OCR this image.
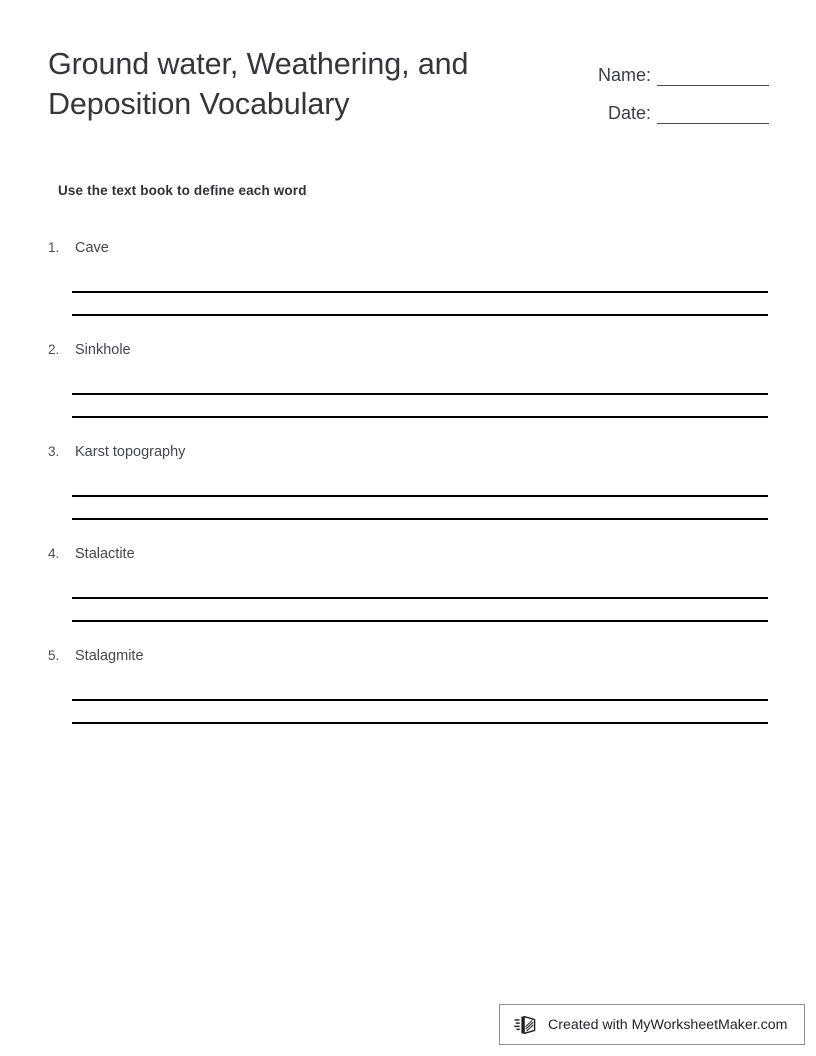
Ground water, Weathering, and Deposition Vocabulary
Name:
Date:
Use the text book to define each word
1.	Cave
2.	Sinkhole
3.	Karst topography
4.	Stalactite
5.	Stalagmite
Created with MyWorksheetMaker.com
